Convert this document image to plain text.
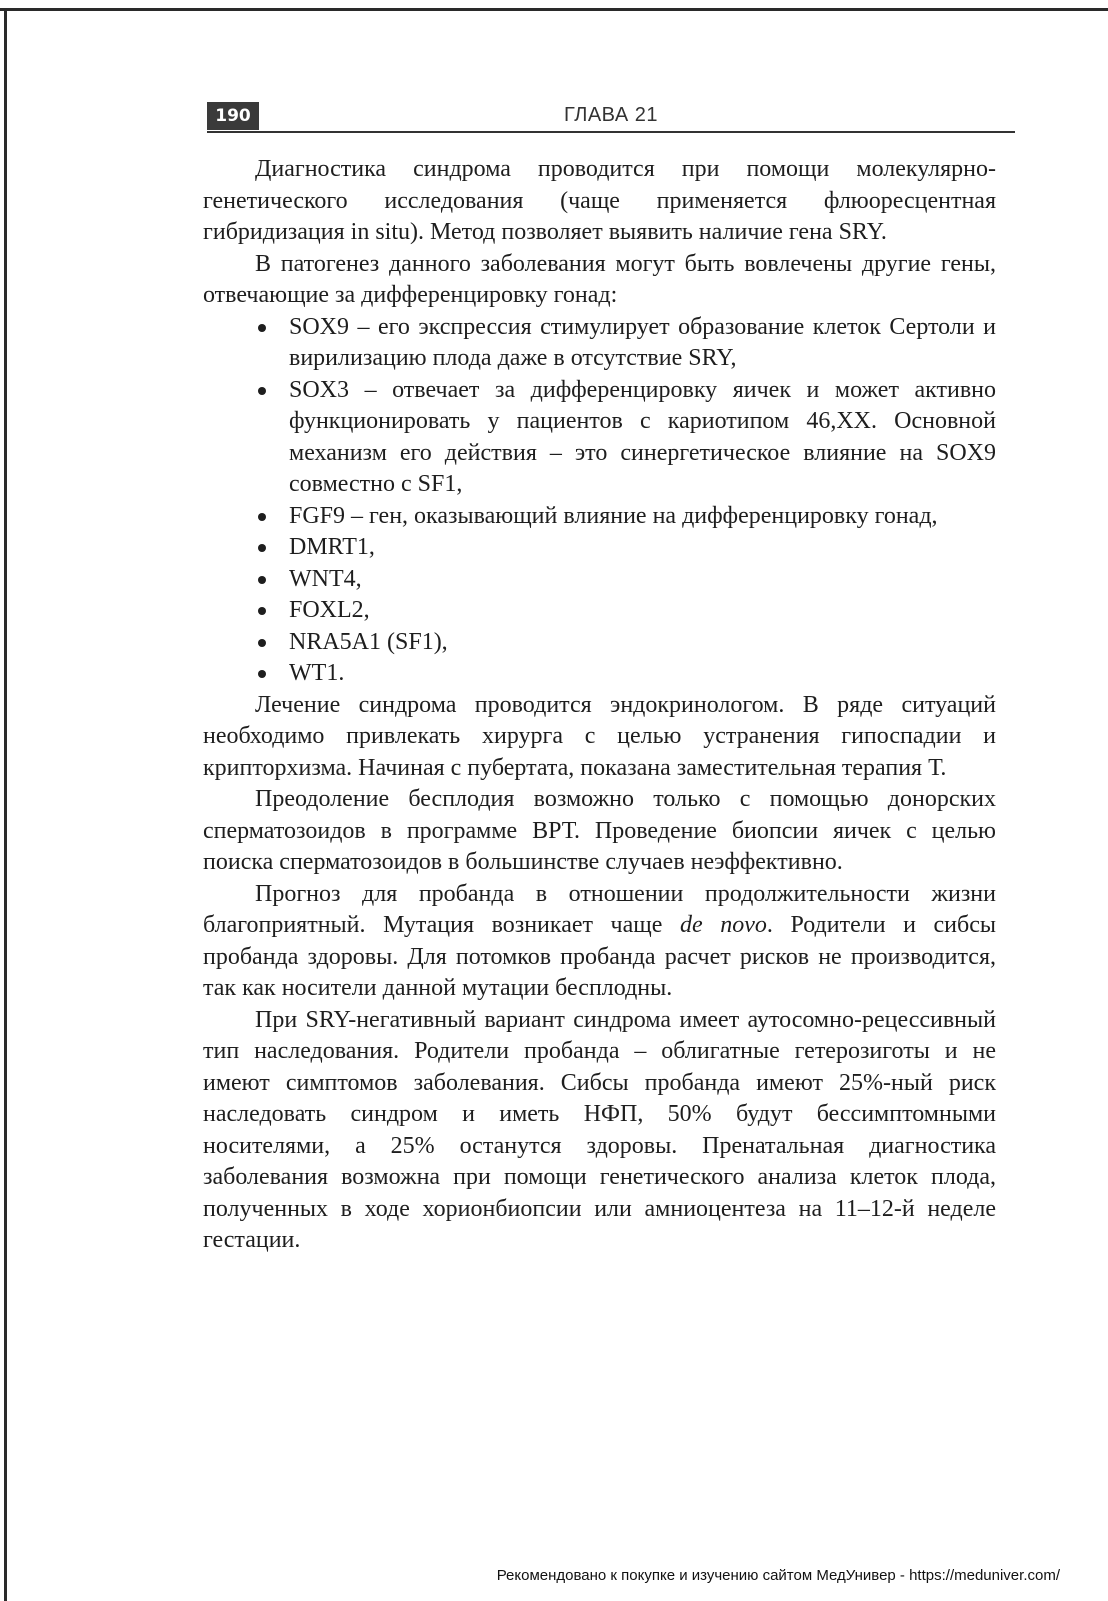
190	ГЛАВА 21

Диагностика синдрома проводится при помощи молекулярно-генетического исследования (чаще применяется флюоресцентная гибридизация in situ). Метод позволяет выявить наличие гена SRY.

В патогенез данного заболевания могут быть вовлечены другие гены, отвечающие за дифференцировку гонад:

SOX9 – его экспрессия стимулирует образование клеток Сертоли и вирилизацию плода даже в отсутствие SRY,
SOX3 – отвечает за дифференцировку яичек и может активно функционировать у пациентов с кариотипом 46,XX. Основной механизм его действия – это синергетическое влияние на SOX9 совместно с SF1,
FGF9 – ген, оказывающий влияние на дифференцировку гонад,
DMRT1,
WNT4,
FOXL2,
NRA5A1 (SF1),
WT1.

Лечение синдрома проводится эндокринологом. В ряде ситуаций необходимо привлекать хирурга с целью устранения гипоспадии и крипторхизма. Начиная с пубертата, показана заместительная терапия Т.

Преодоление бесплодия возможно только с помощью донорских сперматозоидов в программе ВРТ. Проведение биопсии яичек с целью поиска сперматозоидов в большинстве случаев неэффективно.

Прогноз для пробанда в отношении продолжительности жизни благоприятный. Мутация возникает чаще de novo. Родители и сибсы пробанда здоровы. Для потомков пробанда расчет рисков не производится, так как носители данной мутации бесплодны.

При SRY-негативный вариант синдрома имеет аутосомно-рецессивный тип наследования. Родители пробанда – облигатные гетерозиготы и не имеют симптомов заболевания. Сибсы пробанда имеют 25%-ный риск наследовать синдром и иметь НФП, 50% будут бессимптомными носителями, а 25% останутся здоровы. Пренатальная диагностика заболевания возможна при помощи генетического анализа клеток плода, полученных в ходе хорионбиопсии или амниоцентеза на 11–12-й неделе гестации.

Рекомендовано к покупке и изучению сайтом МедУнивер - https://meduniver.com/
